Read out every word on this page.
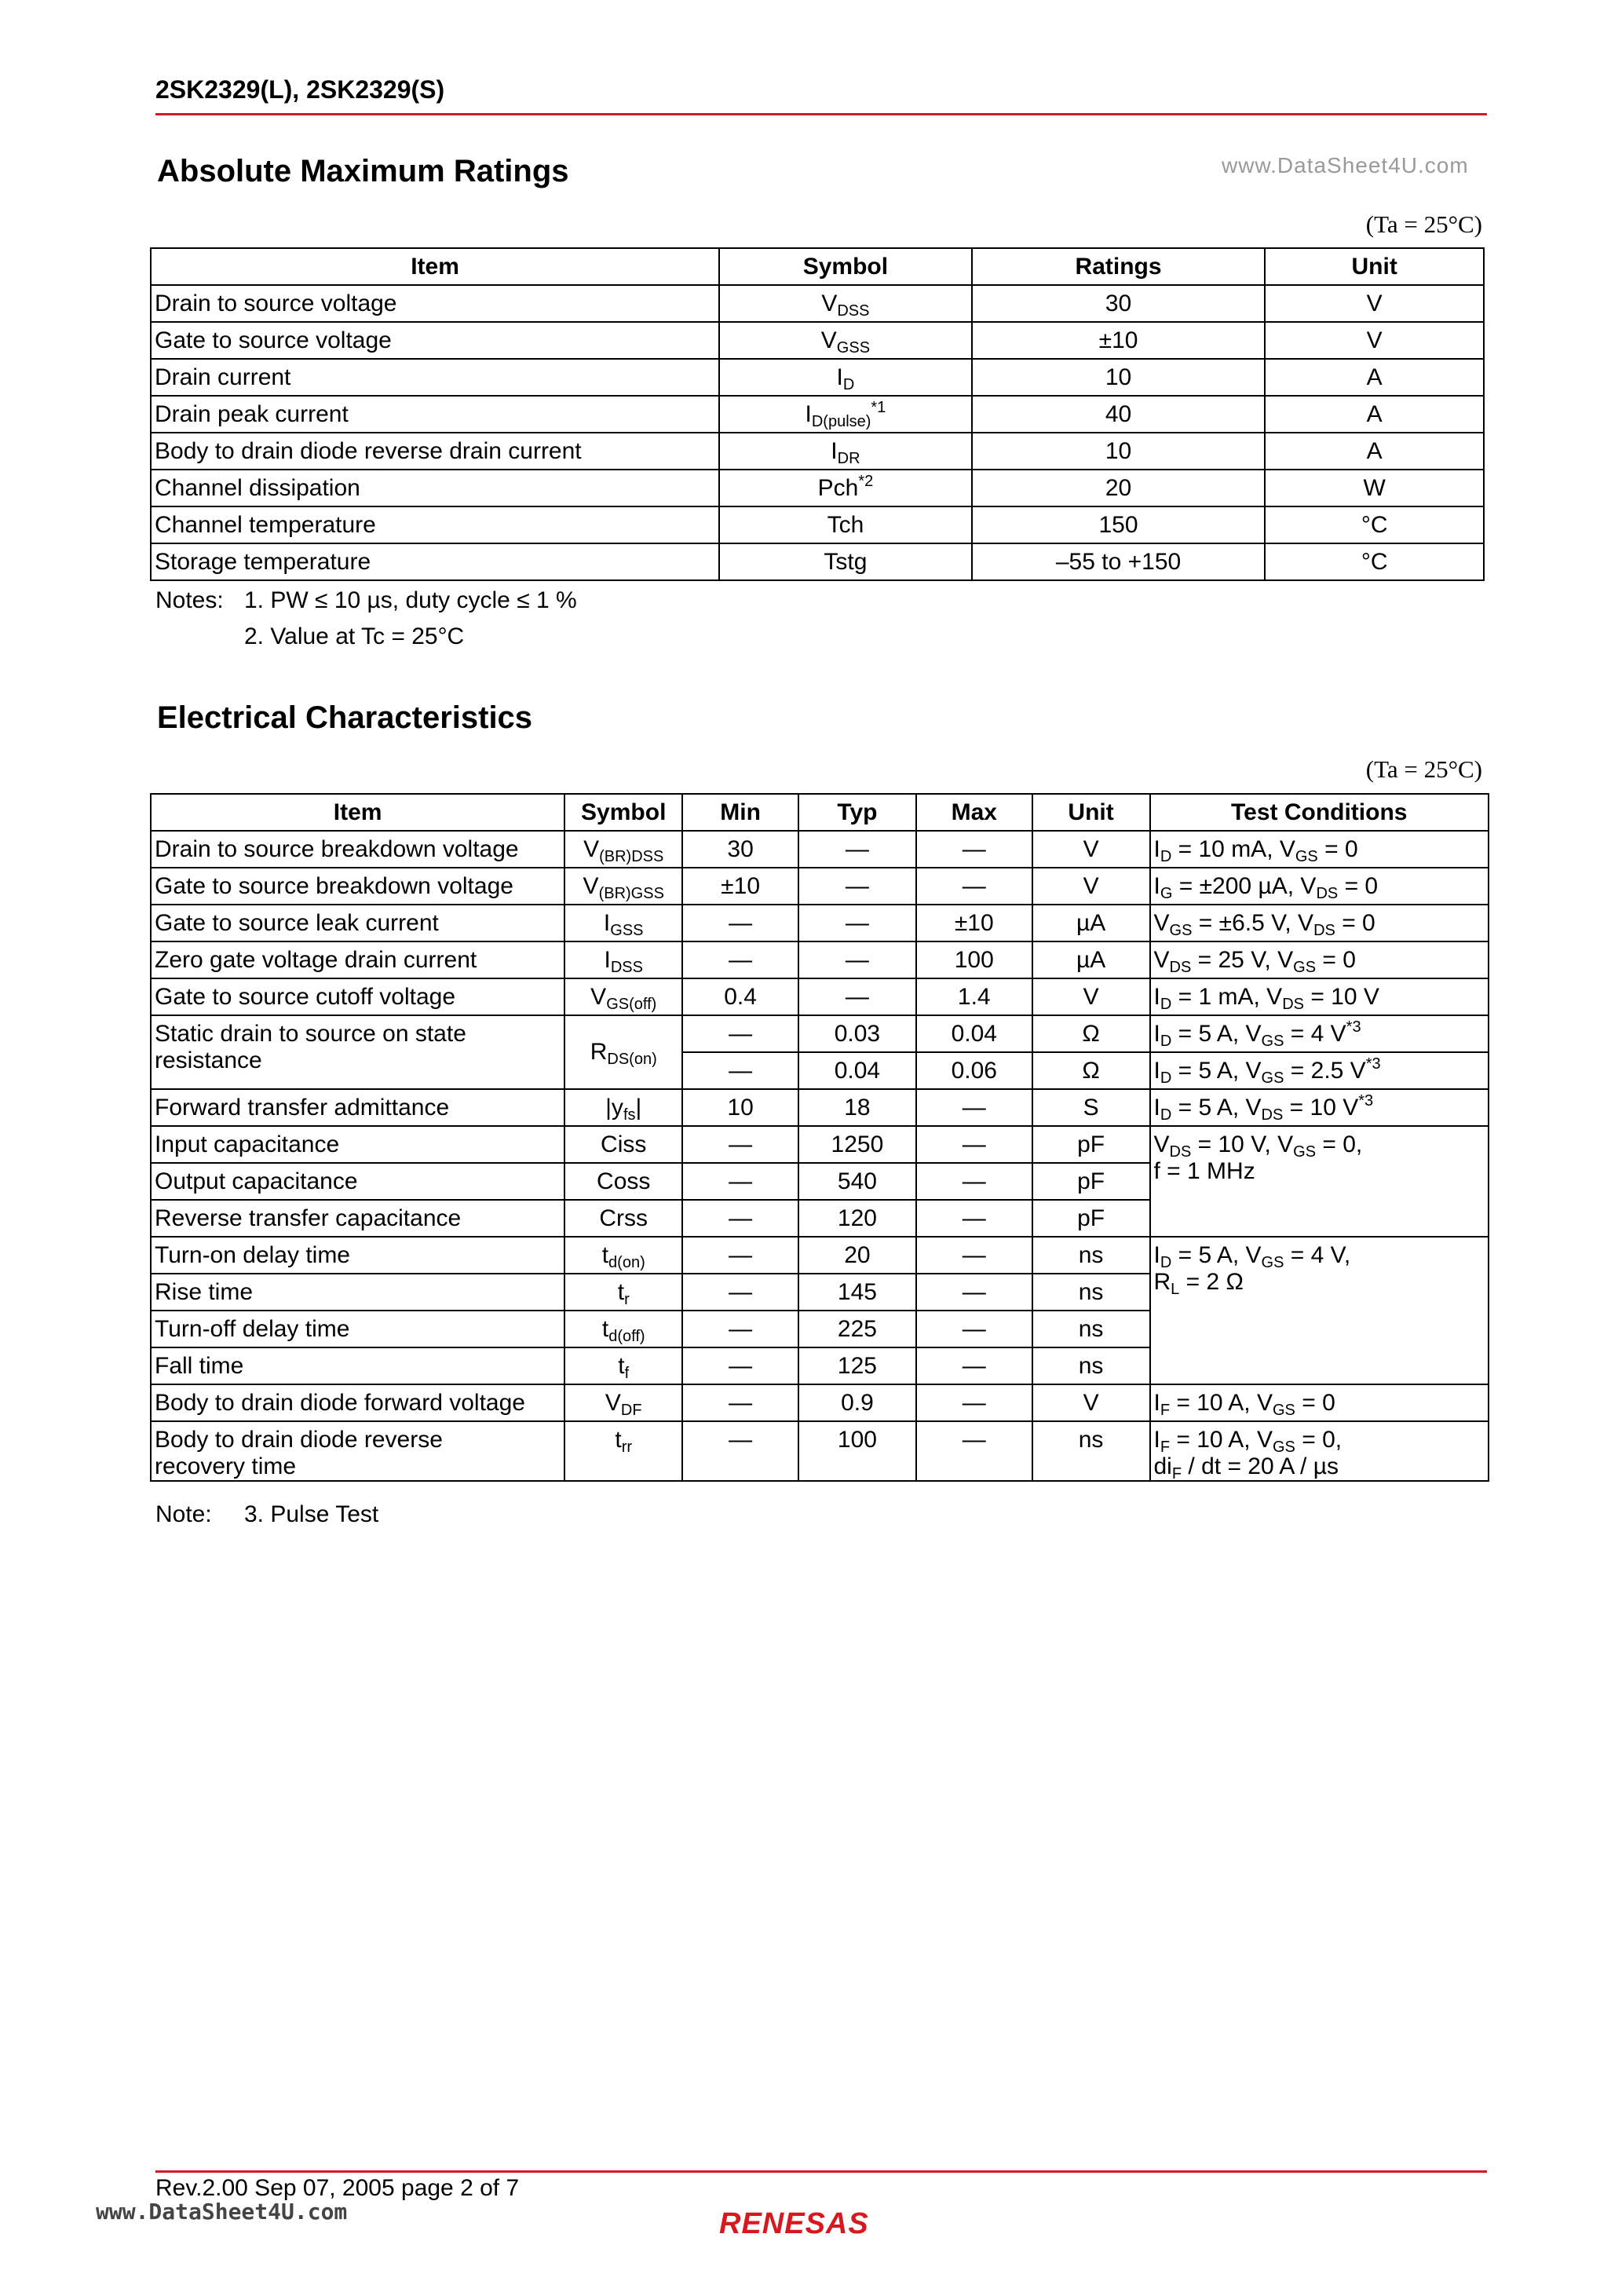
2SK2329(L), 2SK2329(S)
www.DataSheet4U.com
Absolute Maximum Ratings
(Ta = 25°C)
Item	Symbol	Ratings	Unit
Drain to source voltage	$V_{DSS}$	30	V
Gate to source voltage	$V_{GSS}$	±10	V
Drain current	$I_D$	10	A
Drain peak current	$I_{D(pulse)}^{*1}$	40	A
Body to drain diode reverse drain current	$I_{DR}$	10	A
Channel dissipation	Pch$^{*2}$	20	W
Channel temperature	Tch	150	°C
Storage temperature	Tstg	–55 to +150	°C
Notes: 1. PW ≤ 10 µs, duty cycle ≤ 1 %
2. Value at Tc = 25°C
Electrical Characteristics
(Ta = 25°C)
Item	Symbol	Min	Typ	Max	Unit	Test Conditions
Drain to source breakdown voltage	$V_{(BR)DSS}$	30	—	—	V	$I_D = 10$ mA, $V_{GS} = 0$
Gate to source breakdown voltage	$V_{(BR)GSS}$	±10	—	—	V	$I_G = \pm 200$ µA, $V_{DS} = 0$
Gate to source leak current	$I_{GSS}$	—	—	±10	µA	$V_{GS} = \pm 6.5$ V, $V_{DS} = 0$
Zero gate voltage drain current	$I_{DSS}$	—	—	100	µA	$V_{DS} = 25$ V, $V_{GS} = 0$
Gate to source cutoff voltage	$V_{GS(off)}$	0.4	—	1.4	V	$I_D = 1$ mA, $V_{DS} = 10$ V
Static drain to source on state
resistance	$R_{DS(on)}$	—	0.03	0.04	Ω	$I_D = 5$ A, $V_{GS} = 4$ $V^{*3}$
		—	0.04	0.06	Ω	$I_D = 5$ A, $V_{GS} = 2.5$ $V^{*3}$
Forward transfer admittance	$|y_{fs}|$	10	18	—	S	$I_D = 5$ A, $V_{DS} = 10$ $V^{*3}$
Input capacitance	Ciss	—	1250	—	pF	$V_{DS} = 10$ V, $V_{GS} = 0$,
f = 1 MHz
Output capacitance	Coss	—	540	—	pF	
Reverse transfer capacitance	Crss	—	120	—	pF	
Turn-on delay time	$t_{d(on)}$	—	20	—	ns	$I_D = 5$ A, $V_{GS} = 4$ V,
$R_L = 2$ Ω
Rise time	$t_r$	—	145	—	ns	
Turn-off delay time	$t_{d(off)}$	—	225	—	ns	
Fall time	$t_f$	—	125	—	ns	
Body to drain diode forward voltage	$V_{DF}$	—	0.9	—	V	$I_F = 10$ A, $V_{GS} = 0$
Body to drain diode reverse
recovery time	$t_{rr}$	—	100	—	ns	$I_F = 10$ A, $V_{GS} = 0$,
$di_F$ / dt = 20 A / µs
Note: 3. Pulse Test
Rev.2.00 Sep 07, 2005 page 2 of 7
www.DataSheet4U.com	RENESAS
